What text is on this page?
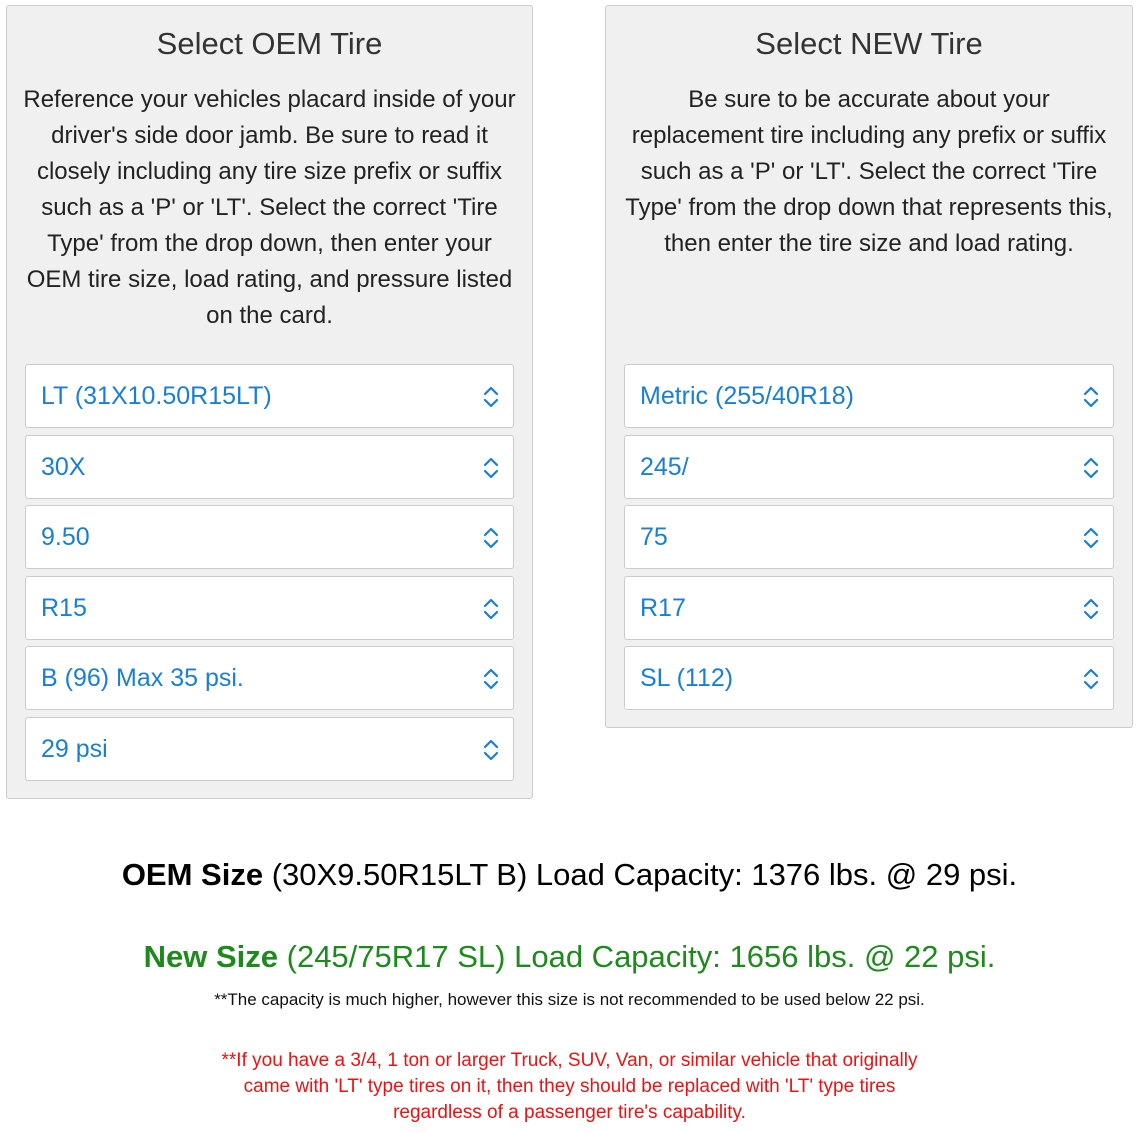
Select OEM Tire
Reference your vehicles placard inside of your driver's side door jamb. Be sure to read it closely including any tire size prefix or suffix such as a 'P' or 'LT'. Select the correct 'Tire Type' from the drop down, then enter your OEM tire size, load rating, and pressure listed on the card.
LT (31X10.50R15LT)
30X
9.50
R15
B (96) Max 35 psi.
29 psi
Select NEW Tire
Be sure to be accurate about your replacement tire including any prefix or suffix such as a 'P' or 'LT'. Select the correct 'Tire Type' from the drop down that represents this, then enter the tire size and load rating.
Metric (255/40R18)
245/
75
R17
SL (112)
OEM Size (30X9.50R15LT B) Load Capacity: 1376 lbs. @ 29 psi.
New Size (245/75R17 SL) Load Capacity: 1656 lbs. @ 22 psi.
**The capacity is much higher, however this size is not recommended to be used below 22 psi.
**If you have a 3/4, 1 ton or larger Truck, SUV, Van, or similar vehicle that originally
came with 'LT' type tires on it, then they should be replaced with 'LT' type tires
regardless of a passenger tire's capability.
